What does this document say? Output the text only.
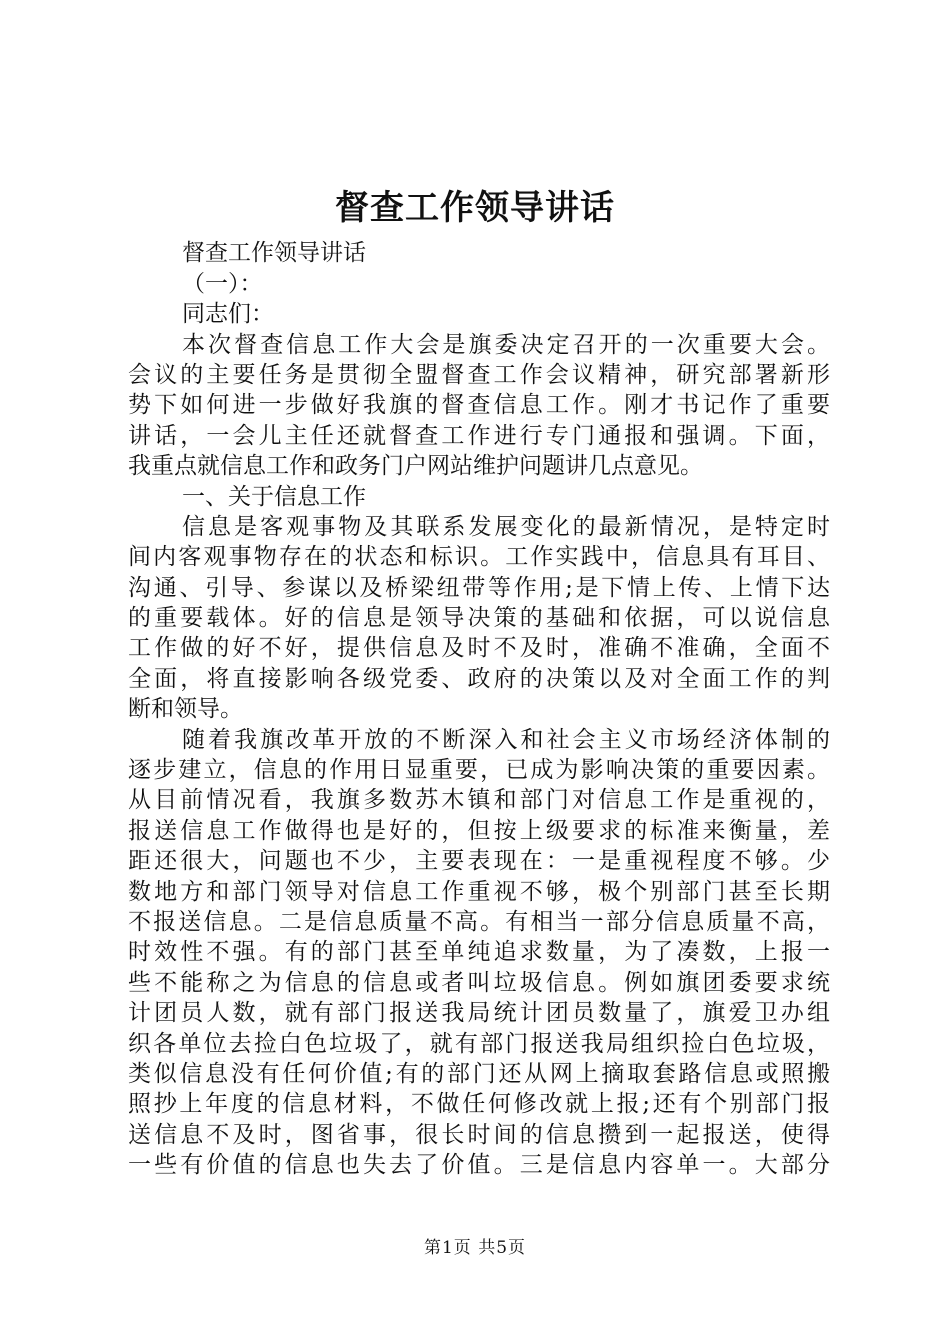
督查工作领导讲话
督查工作领导讲话
（一）：
同志们：
本次督查信息工作大会是旗委决定召开的一次重要大会。
会议的主要任务是贯彻全盟督查工作会议精神，研究部署新形
势下如何进一步做好我旗的督查信息工作。刚才书记作了重要
讲话，一会儿主任还就督查工作进行专门通报和强调。下面，
我重点就信息工作和政务门户网站维护问题讲几点意见。
一、关于信息工作
信息是客观事物及其联系发展变化的最新情况，是特定时
间内客观事物存在的状态和标识。工作实践中，信息具有耳目、
沟通、引导、参谋以及桥梁纽带等作用;是下情上传、上情下达
的重要载体。好的信息是领导决策的基础和依据，可以说信息
工作做的好不好，提供信息及时不及时，准确不准确，全面不
全面，将直接影响各级党委、政府的决策以及对全面工作的判
断和领导。
随着我旗改革开放的不断深入和社会主义市场经济体制的
逐步建立，信息的作用日显重要，已成为影响决策的重要因素。
从目前情况看，我旗多数苏木镇和部门对信息工作是重视的，
报送信息工作做得也是好的，但按上级要求的标准来衡量，差
距还很大，问题也不少，主要表现在：一是重视程度不够。少
数地方和部门领导对信息工作重视不够，极个别部门甚至长期
不报送信息。二是信息质量不高。有相当一部分信息质量不高，
时效性不强。有的部门甚至单纯追求数量，为了凑数，上报一
些不能称之为信息的信息或者叫垃圾信息。例如旗团委要求统
计团员人数，就有部门报送我局统计团员数量了，旗爱卫办组
织各单位去捡白色垃圾了，就有部门报送我局组织捡白色垃圾，
类似信息没有任何价值;有的部门还从网上摘取套路信息或照搬
照抄上年度的信息材料，不做任何修改就上报;还有个别部门报
送信息不及时，图省事，很长时间的信息攒到一起报送，使得
一些有价值的信息也失去了价值。三是信息内容单一。大部分
第1页 共5页
